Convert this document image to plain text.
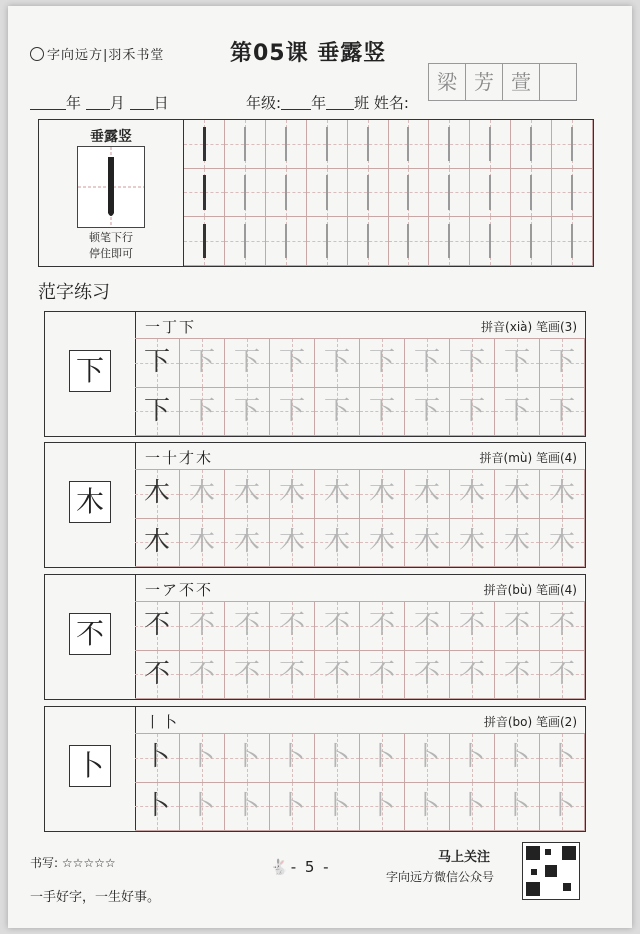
字向远方|羽禾书堂	第05课 垂露竖
年 月 日	年级: 年 班 姓名:
梁 芳 萱
垂露竖
顿笔下行
停住即可
范字练习
下
一丁下	拼音(xià) 笔画(3)
下 下 下 下 下 下 下 下 下 下
下 下 下 下 下 下 下 下 下 下
木
一十才木	拼音(mù) 笔画(4)
木 木 木 木 木 木 木 木 木 木
木 木 木 木 木 木 木 木 木 木
不
一ア不不	拼音(bù) 笔画(4)
不 不 不 不 不 不 不 不 不 不
不 不 不 不 不 不 不 不 不 不
卜
丨卜	拼音(bo) 笔画(2)
卜 卜 卜 卜 卜 卜 卜 卜 卜 卜
卜 卜 卜 卜 卜 卜 卜 卜 卜 卜
书写: ☆☆☆☆☆
一手好字，一生好事。
🐇- 5 -
马上关注
字向远方微信公众号
